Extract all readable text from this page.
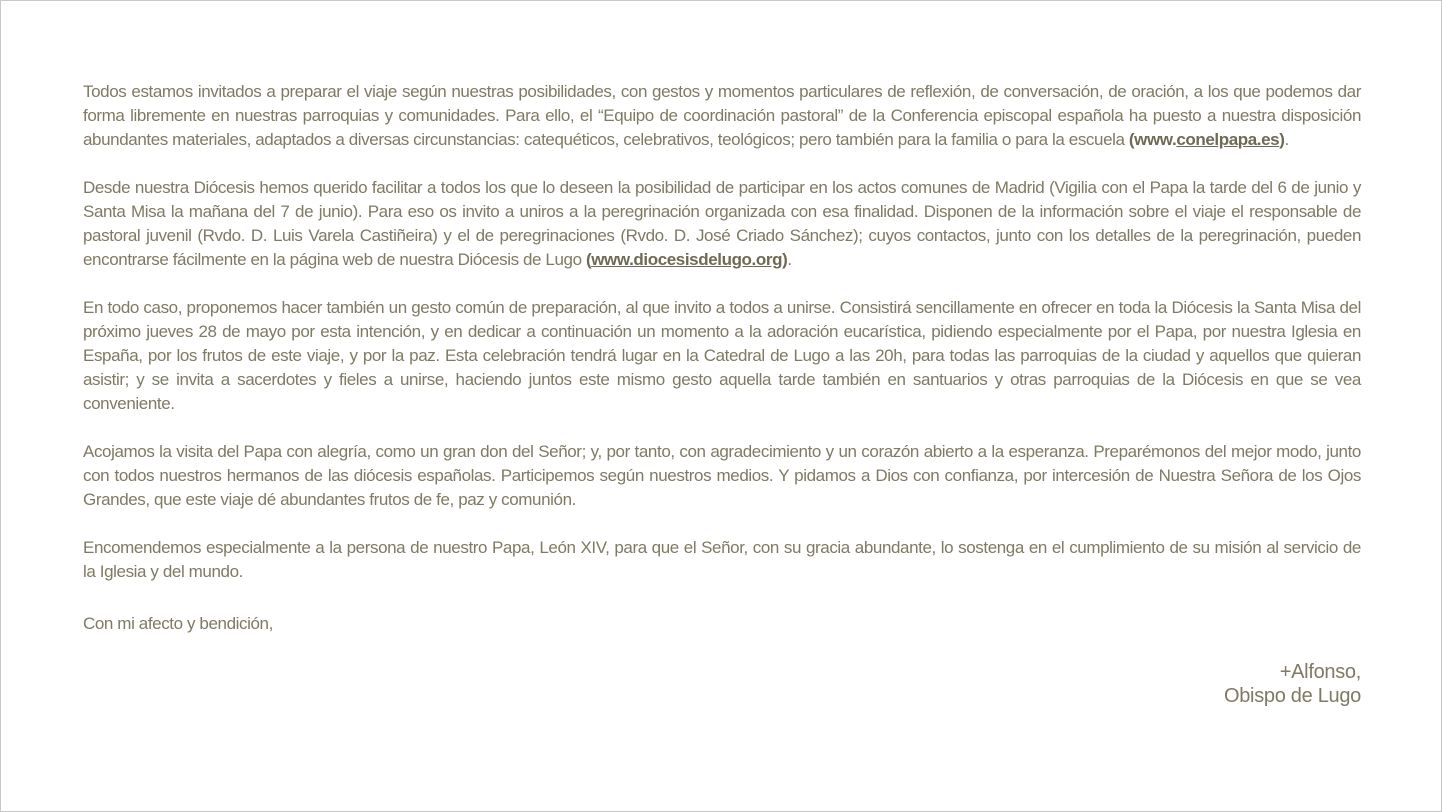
Todos estamos invitados a preparar el viaje según nuestras posibilidades, con gestos y momentos particulares de reflexión, de conversación, de oración, a los que podemos dar forma libremente en nuestras parroquias y comunidades. Para ello, el “Equipo de coordinación pastoral” de la Conferencia episcopal española ha puesto a nuestra disposición abundantes materiales, adaptados a diversas circunstancias: catequéticos, celebrativos, teológicos; pero también para la familia o para la escuela (www.conelpapa.es).

Desde nuestra Diócesis hemos querido facilitar a todos los que lo deseen la posibilidad de participar en los actos comunes de Madrid (Vigilia con el Papa la tarde del 6 de junio y Santa Misa la mañana del 7 de junio). Para eso os invito a uniros a la peregrinación organizada con esa finalidad. Disponen de la información sobre el viaje el responsable de pastoral juvenil (Rvdo. D. Luis Varela Castiñeira) y el de peregrinaciones (Rvdo. D. José Criado Sánchez); cuyos contactos, junto con los detalles de la peregrinación, pueden encontrarse fácilmente en la página web de nuestra Diócesis de Lugo (www.diocesisdelugo.org).

En todo caso, proponemos hacer también un gesto común de preparación, al que invito a todos a unirse. Consistirá sencillamente en ofrecer en toda la Diócesis la Santa Misa del próximo jueves 28 de mayo por esta intención, y en dedicar a continuación un momento a la adoración eucarística, pidiendo especialmente por el Papa, por nuestra Iglesia en España, por los frutos de este viaje, y por la paz. Esta celebración tendrá lugar en la Catedral de Lugo a las 20h, para todas las parroquias de la ciudad y aquellos que quieran asistir; y se invita a sacerdotes y fieles a unirse, haciendo juntos este mismo gesto aquella tarde también en santuarios y otras parroquias de la Diócesis en que se vea conveniente.

Acojamos la visita del Papa con alegría, como un gran don del Señor; y, por tanto, con agradecimiento y un corazón abierto a la esperanza. Preparémonos del mejor modo, junto con todos nuestros hermanos de las diócesis españolas. Participemos según nuestros medios. Y pidamos a Dios con confianza, por intercesión de Nuestra Señora de los Ojos Grandes, que este viaje dé abundantes frutos de fe, paz y comunión.

Encomendemos especialmente a la persona de nuestro Papa, León XIV, para que el Señor, con su gracia abundante, lo sostenga en el cumplimiento de su misión al servicio de la Iglesia y del mundo.

Con mi afecto y bendición,

+Alfonso,
Obispo de Lugo
